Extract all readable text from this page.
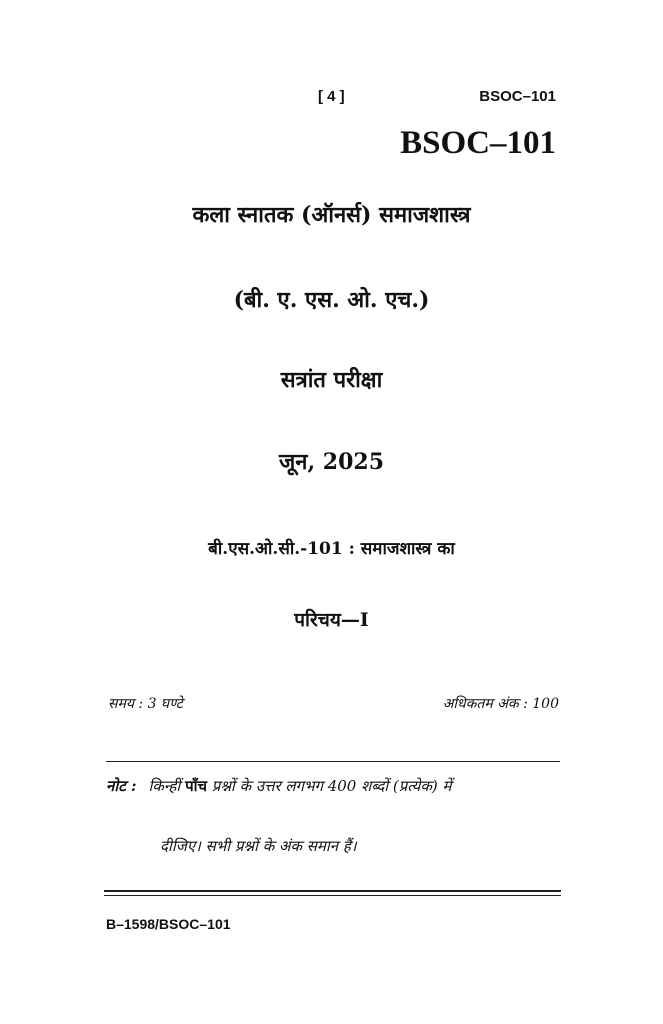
[ 4 ]	BSOC–101
BSOC–101
कला स्नातक (ऑनर्स) समाजशास्त्र
(बी. ए. एस. ओ. एच.)
सत्रांत परीक्षा
जून, 2025
बी.एस.ओ.सी.-101 : समाजशास्त्र का
परिचय—I
समय : 3 घण्टे	अधिकतम अंक : 100
नोट : किन्हीं पाँच प्रश्नों के उत्तर लगभग 400 शब्दों (प्रत्येक) में
दीजिए। सभी प्रश्नों के अंक समान हैं।
B–1598/BSOC–101
